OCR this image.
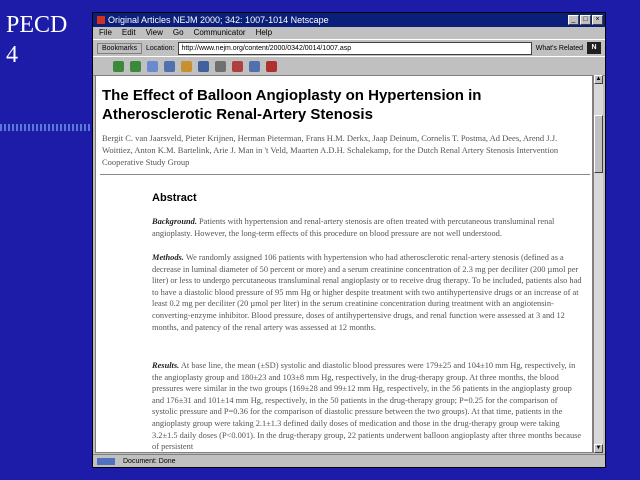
PECD
4
Original Articles NEJM 2000; 342: 1007-1014 Netscape	_	□	×
File Edit View Go Communicator Help
Bookmarks	Location:	http://www.nejm.org/content/2000/0342/0014/1007.asp	What's Related	N
The Effect of Balloon Angioplasty on Hypertension in Atherosclerotic Renal-Artery Stenosis
Bergit C. van Jaarsveld, Pieter Krijnen, Herman Pieterman, Frans H.M. Derkx, Jaap Deinum, Cornelis T. Postma, Ad Dees, Arend J.J. Woittiez, Anton K.M. Bartelink, Arie J. Man in 't Veld, Maarten A.D.H. Schalekamp, for the Dutch Renal Artery Stenosis Intervention Cooperative Study Group
Abstract
Background. Patients with hypertension and renal-artery stenosis are often treated with percutaneous transluminal renal angioplasty. However, the long-term effects of this procedure on blood pressure are not well understood.
Methods. We randomly assigned 106 patients with hypertension who had atherosclerotic renal-artery stenosis (defined as a decrease in luminal diameter of 50 percent or more) and a serum creatinine concentration of 2.3 mg per deciliter (200 µmol per liter) or less to undergo percutaneous transluminal renal angioplasty or to receive drug therapy. To be included, patients also had to have a diastolic blood pressure of 95 mm Hg or higher despite treatment with two antihypertensive drugs or an increase of at least 0.2 mg per deciliter (20 µmol per liter) in the serum creatinine concentration during treatment with an angiotensin-converting-enzyme inhibitor. Blood pressure, doses of antihypertensive drugs, and renal function were assessed at 3 and 12 months, and patency of the renal artery was assessed at 12 months.
Results. At base line, the mean (±SD) systolic and diastolic blood pressures were 179±25 and 104±10 mm Hg, respectively, in the angioplasty group and 180±23 and 103±8 mm Hg, respectively, in the drug-therapy group. At three months, the blood pressures were similar in the two groups (169±28 and 99±12 mm Hg, respectively, in the 56 patients in the angioplasty group and 176±31 and 101±14 mm Hg, respectively, in the 50 patients in the drug-therapy group; P=0.25 for the comparison of systolic pressure and P=0.36 for the comparison of diastolic pressure between the two groups). At that time, patients in the angioplasty group were taking 2.1±1.3 defined daily doses of medication and those in the drug-therapy group were taking 3.2±1.5 daily doses (P<0.001). In the drug-therapy group, 22 patients underwent balloon angioplasty after three months because of persistent
▲
▼
Document: Done
